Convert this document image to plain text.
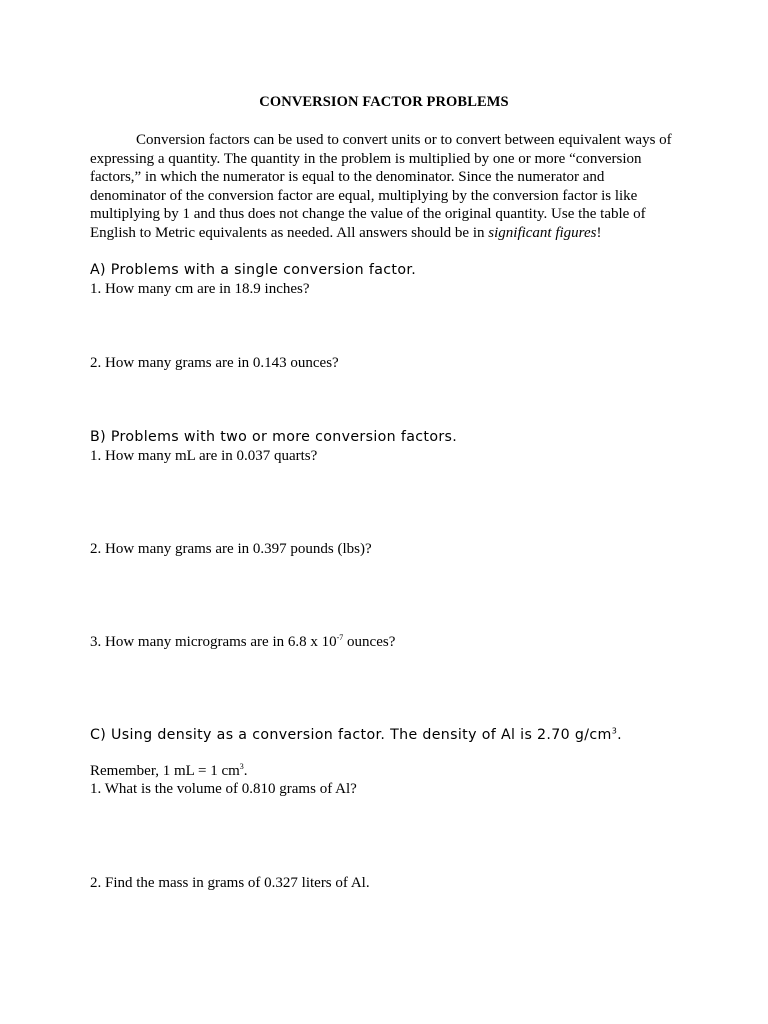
CONVERSION FACTOR PROBLEMS
Conversion factors can be used to convert units or to convert between equivalent ways of
expressing a quantity. The quantity in the problem is multiplied by one or more “conversion
factors,” in which the numerator is equal to the denominator. Since the numerator and
denominator of the conversion factor are equal, multiplying by the conversion factor is like
multiplying by 1 and thus does not change the value of the original quantity. Use the table of
English to Metric equivalents as needed. All answers should be in significant figures!
A) Problems with a single conversion factor.
1. How many cm are in 18.9 inches?
2. How many grams are in 0.143 ounces?
B) Problems with two or more conversion factors.
1. How many mL are in 0.037 quarts?
2. How many grams are in 0.397 pounds (lbs)?
3. How many micrograms are in 6.8 x $10^{-7}$ ounces?
C) Using density as a conversion factor. The density of Al is 2.70 $g/cm^3$.
Remember, 1 mL = 1 $cm^3$.
1. What is the volume of 0.810 grams of Al?
2. Find the mass in grams of 0.327 liters of Al.
